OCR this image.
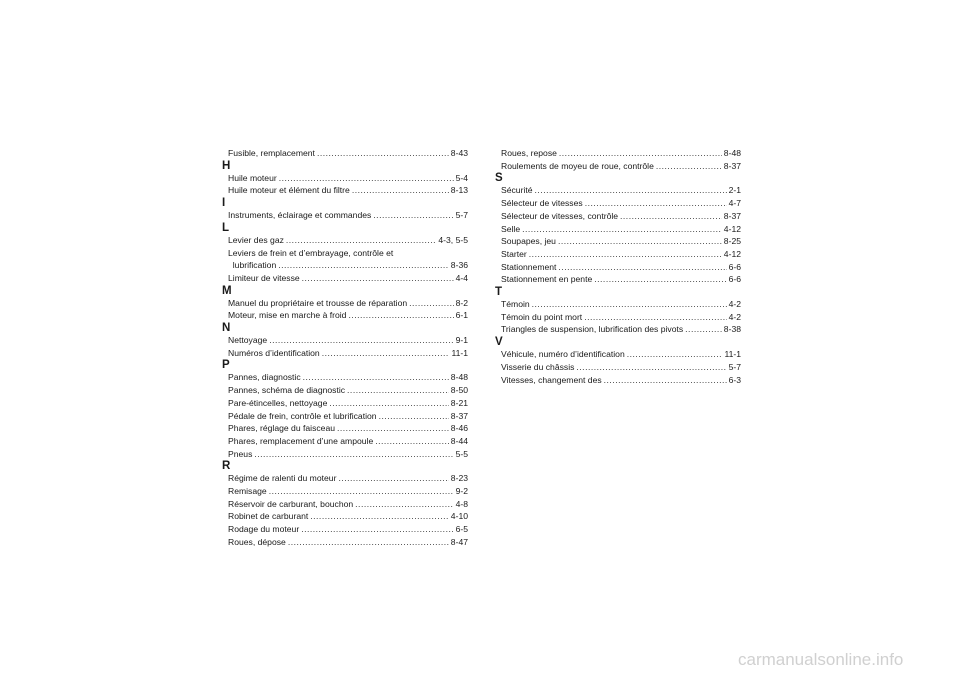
Fusible, remplacement .....	8-43
H
Huile moteur .....	5-4
Huile moteur et élément du filtre .....	8-13
I
Instruments, éclairage et commandes .....	5-7
L
Levier des gaz .....	4-3, 5-5
Leviers de frein et d’embrayage, contrôle et
lubrification .....	8-36
Limiteur de vitesse .....	4-4
M
Manuel du propriétaire et trousse de réparation .....	8-2
Moteur, mise en marche à froid .....	6-1
N
Nettoyage .....	9-1
Numéros d’identification .....	11-1
P
Pannes, diagnostic .....	8-48
Pannes, schéma de diagnostic .....	8-50
Pare-étincelles, nettoyage .....	8-21
Pédale de frein, contrôle et lubrification .....	8-37
Phares, réglage du faisceau .....	8-46
Phares, remplacement d’une ampoule .....	8-44
Pneus .....	5-5
R
Régime de ralenti du moteur .....	8-23
Remisage .....	9-2
Réservoir de carburant, bouchon .....	4-8
Robinet de carburant .....	4-10
Rodage du moteur .....	6-5
Roues, dépose .....	8-47
Roues, repose .....	8-48
Roulements de moyeu de roue, contrôle .....	8-37
S
Sécurité .....	2-1
Sélecteur de vitesses .....	4-7
Sélecteur de vitesses, contrôle .....	8-37
Selle .....	4-12
Soupapes, jeu .....	8-25
Starter .....	4-12
Stationnement .....	6-6
Stationnement en pente .....	6-6
T
Témoin .....	4-2
Témoin du point mort .....	4-2
Triangles de suspension, lubrification des pivots .....	8-38
V
Véhicule, numéro d’identification .....	11-1
Visserie du châssis .....	5-7
Vitesses, changement des .....	6-3
carmanualsonline.info
